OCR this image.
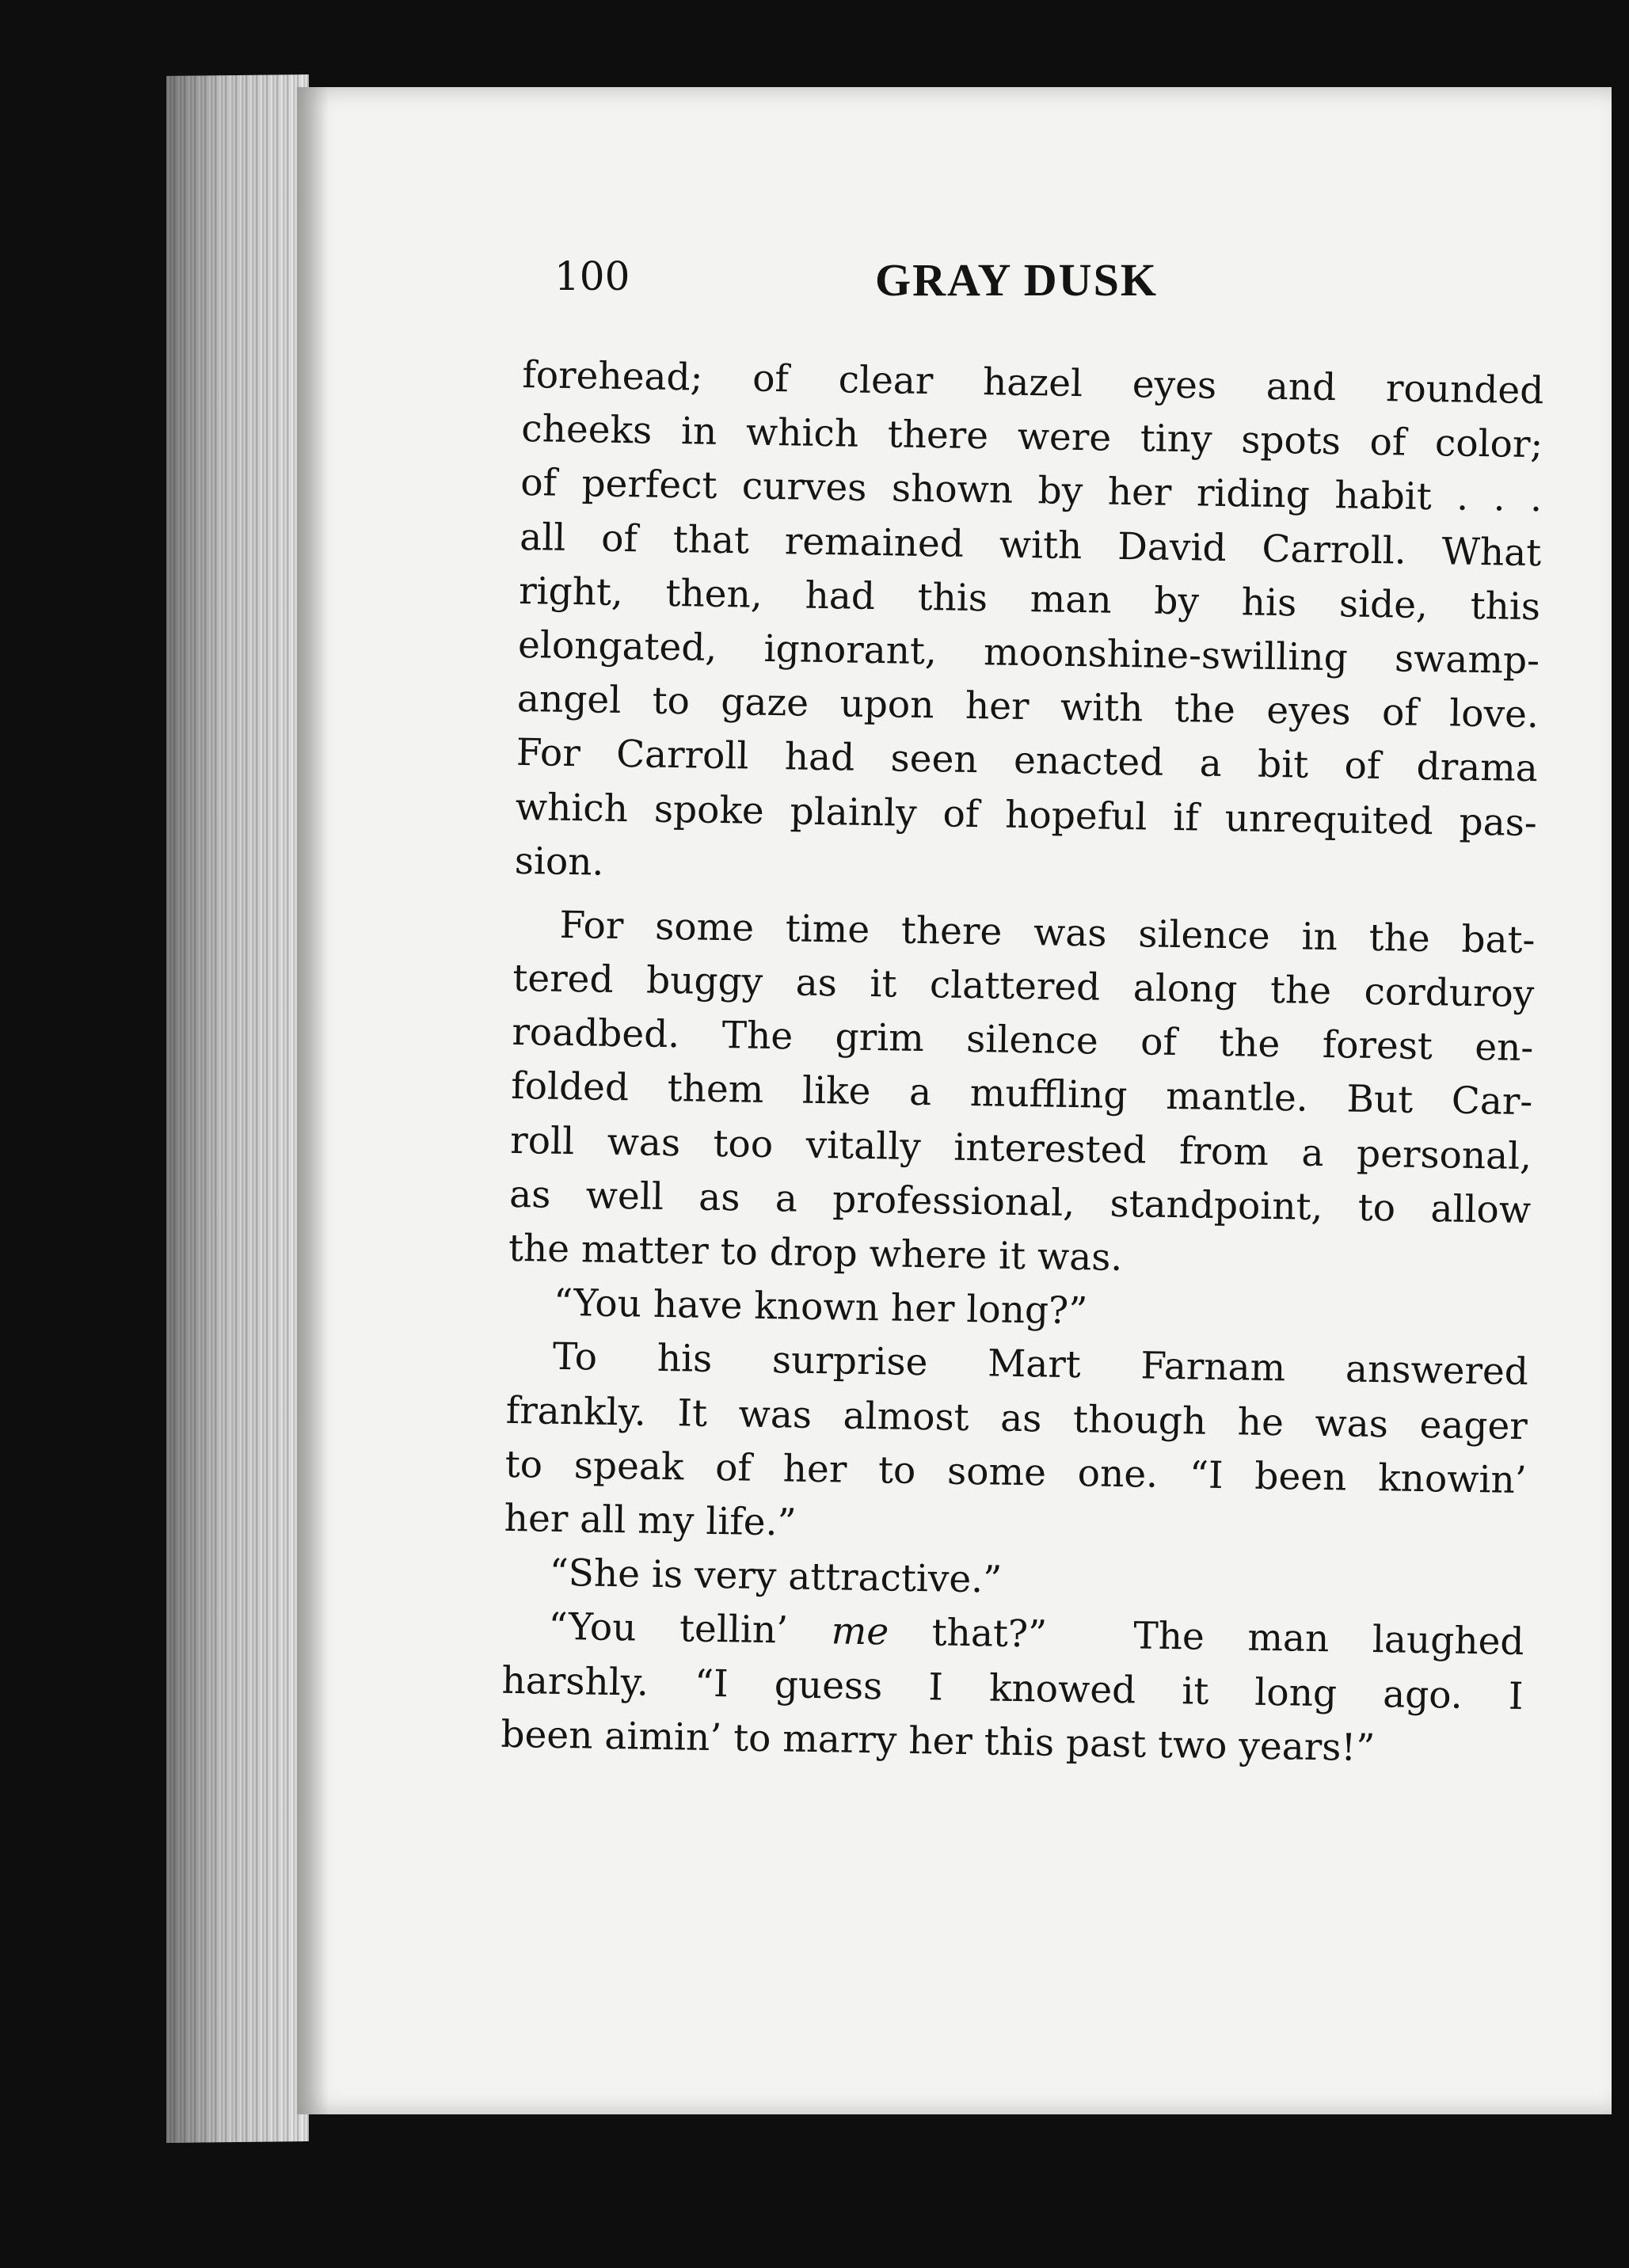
100	GRAY DUSK
forehead; of clear hazel eyes and rounded
cheeks in which there were tiny spots of color;
of perfect curves shown by her riding habit . . .
all of that remained with David Carroll. What
right, then, had this man by his side, this
elongated, ignorant, moonshine-swilling swamp-
angel to gaze upon her with the eyes of love.
For Carroll had seen enacted a bit of drama
which spoke plainly of hopeful if unrequited pas-
sion.
For some time there was silence in the bat-
tered buggy as it clattered along the corduroy
roadbed. The grim silence of the forest en-
folded them like a muffling mantle. But Car-
roll was too vitally interested from a personal,
as well as a professional, standpoint, to allow
the matter to drop where it was.
“You have known her long?”
To his surprise Mart Farnam answered
frankly. It was almost as though he was eager
to speak of her to some one. “I been knowin’
her all my life.”
“She is very attractive.”
“You tellin’ me that?” The man laughed
harshly. “I guess I knowed it long ago. I
been aimin’ to marry her this past two years!”
